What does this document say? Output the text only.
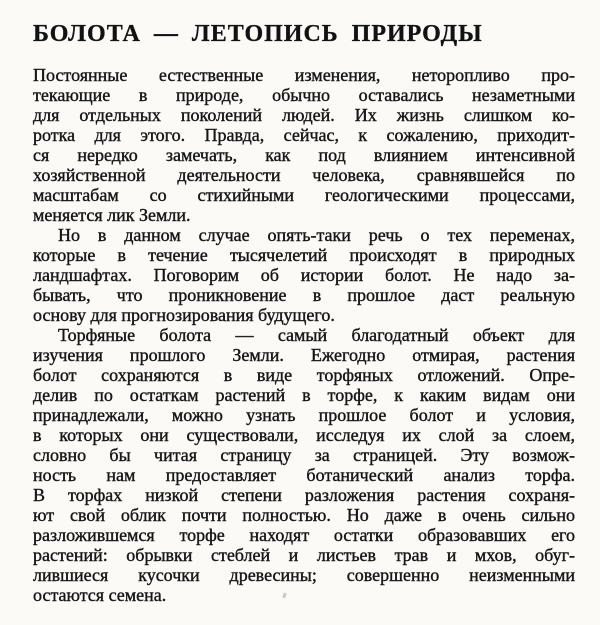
БОЛОТА — ЛЕТОПИСЬ ПРИРОДЫ
Постоянные естественные изменения, неторопливо про-
текающие в природе, обычно оставались незаметными
для отдельных поколений людей. Их жизнь слишком ко-
ротка для этого. Правда, сейчас, к сожалению, приходит-
ся нередко замечать, как под влиянием интенсивной
хозяйственной деятельности человека, сравнявшейся по
масштабам со стихийными геологическими процессами,
меняется лик Земли.
Но в данном случае опять-таки речь о тех переменах,
которые в течение тысячелетий происходят в природных
ландшафтах. Поговорим об истории болот. Не надо за-
бывать, что проникновение в прошлое даст реальную
основу для прогнозирования будущего.
Торфяные болота — самый благодатный объект для
изучения прошлого Земли. Ежегодно отмирая, растения
болот сохраняются в виде торфяных отложений. Опре-
делив по остаткам растений в торфе, к каким видам они
принадлежали, можно узнать прошлое болот и условия,
в которых они существовали, исследуя их слой за слоем,
словно бы читая страницу за страницей. Эту возмож-
ность нам предоставляет ботанический анализ торфа.
В торфах низкой степени разложения растения сохраня-
ют свой облик почти полностью. Но даже в очень сильно
разложившемся торфе находят остатки образовавших его
растений: обрывки стеблей и листьев трав и мхов, обуг-
лившиеся кусочки древесины; совершенно неизменными
остаются семена.
